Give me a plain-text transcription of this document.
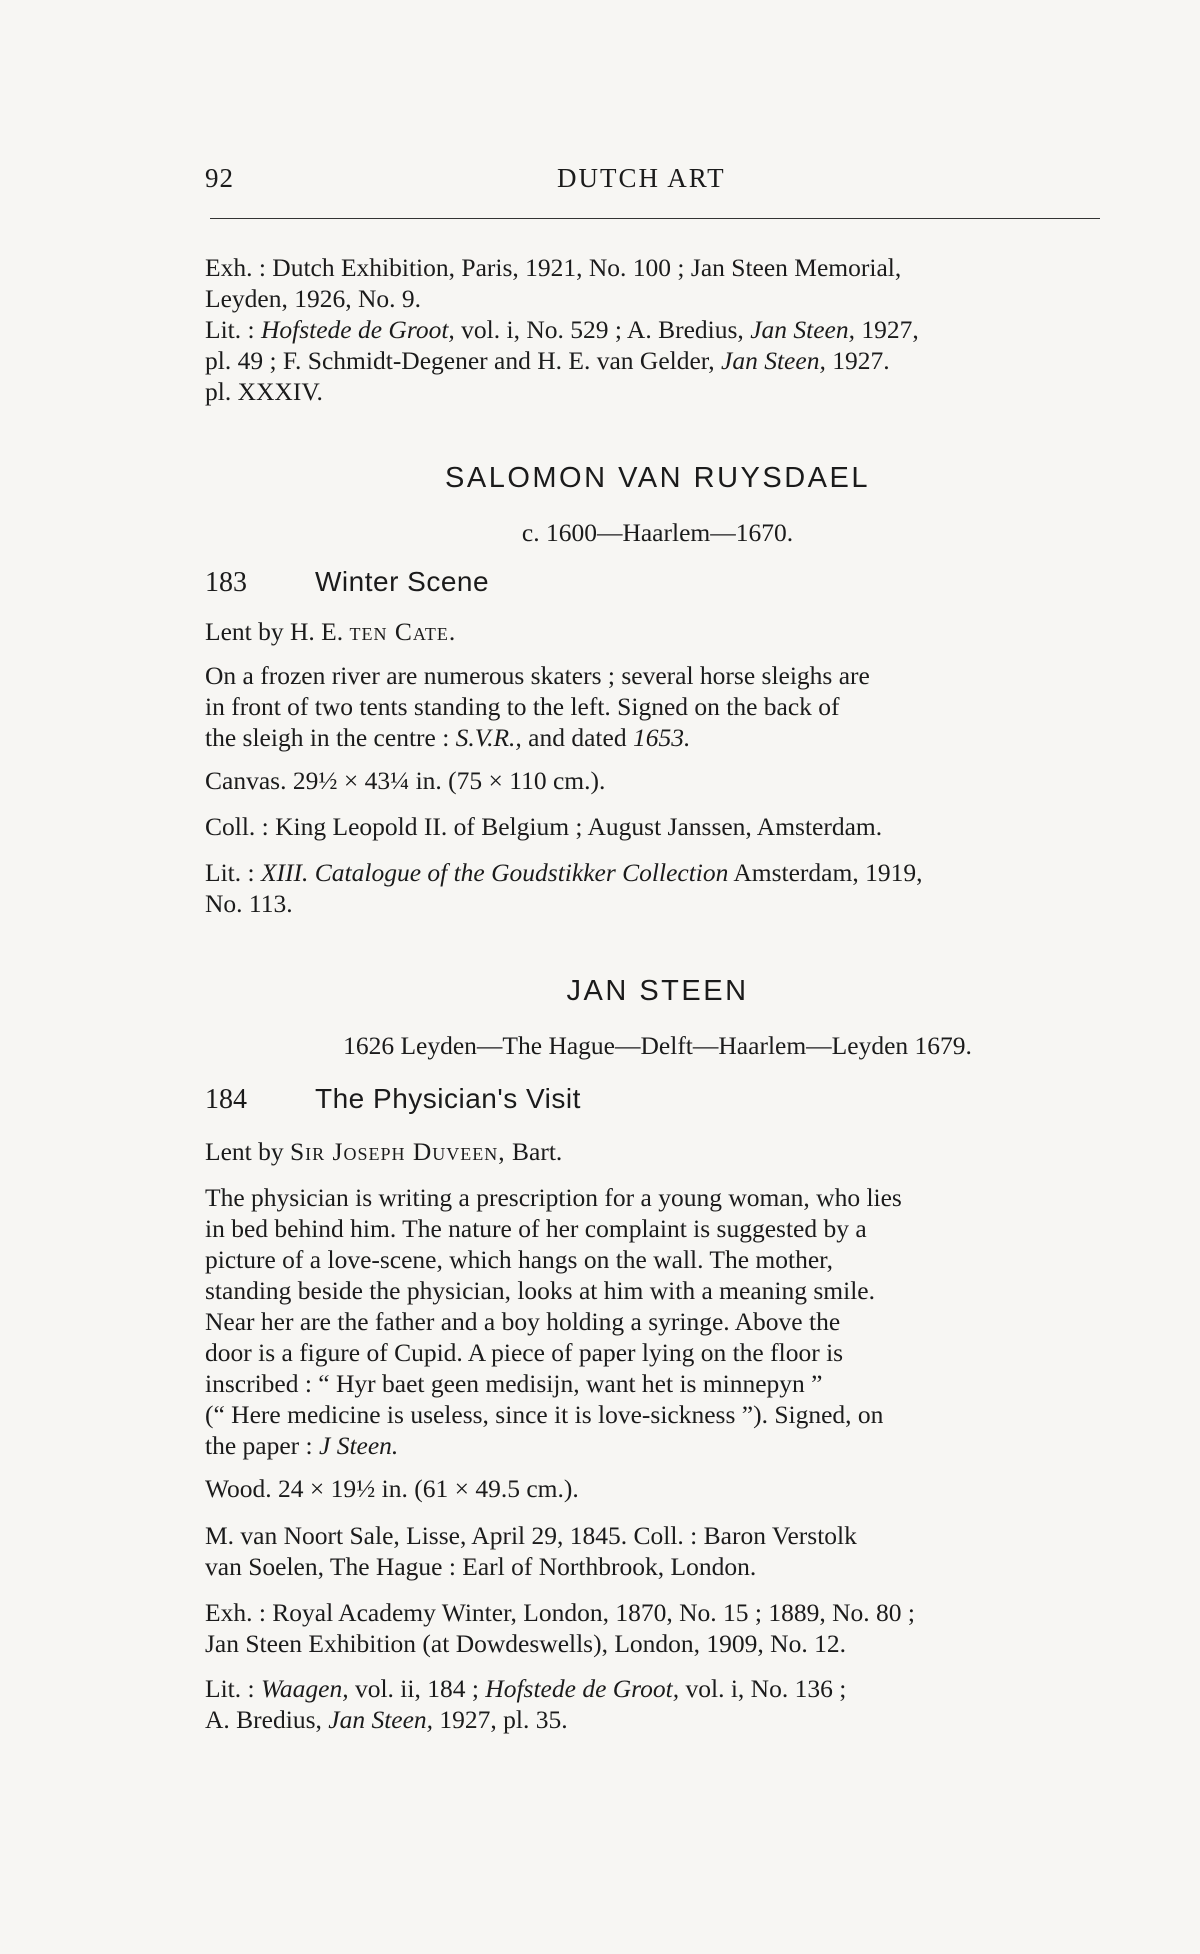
92	DUTCH ART

Exh. : Dutch Exhibition, Paris, 1921, No. 100 ; Jan Steen Memorial,

Leyden, 1926, No. 9.

Lit. : Hofstede de Groot, vol. i, No. 529 ; A. Bredius, Jan Steen, 1927,

pl. 49 ; F. Schmidt-Degener and H. E. van Gelder, Jan Steen, 1927.

pl. XXXIV.

SALOMON VAN RUYSDAEL
c. 1600—Haarlem—1670.
183 Winter Scene

Lent by H. E. ten Cate.

On a frozen river are numerous skaters ; several horse sleighs are

in front of two tents standing to the left. Signed on the back of

the sleigh in the centre : S.V.R., and dated 1653.

Canvas. 29½ × 43¼ in. (75 × 110 cm.).
Coll. : King Leopold II. of Belgium ; August Janssen, Amsterdam.

Lit. : XIII. Catalogue of the Goudstikker Collection Amsterdam, 1919,

No. 113.

JAN STEEN
1626 Leyden—The Hague—Delft—Haarlem—Leyden 1679.
184 The Physician's Visit

Lent by Sir Joseph Duveen, Bart.

The physician is writing a prescription for a young woman, who lies

in bed behind him. The nature of her complaint is suggested by a

picture of a love-scene, which hangs on the wall. The mother,

standing beside the physician, looks at him with a meaning smile.

Near her are the father and a boy holding a syringe. Above the

door is a figure of Cupid. A piece of paper lying on the floor is

inscribed : “ Hyr baet geen medisijn, want het is minnepyn ”

(“ Here medicine is useless, since it is love-sickness ”). Signed, on

the paper : J Steen.

Wood. 24 × 19½ in. (61 × 49.5 cm.).

M. van Noort Sale, Lisse, April 29, 1845. Coll. : Baron Verstolk

van Soelen, The Hague : Earl of Northbrook, London.

Exh. : Royal Academy Winter, London, 1870, No. 15 ; 1889, No. 80 ;

Jan Steen Exhibition (at Dowdeswells), London, 1909, No. 12.

Lit. : Waagen, vol. ii, 184 ; Hofstede de Groot, vol. i, No. 136 ;

A. Bredius, Jan Steen, 1927, pl. 35.
